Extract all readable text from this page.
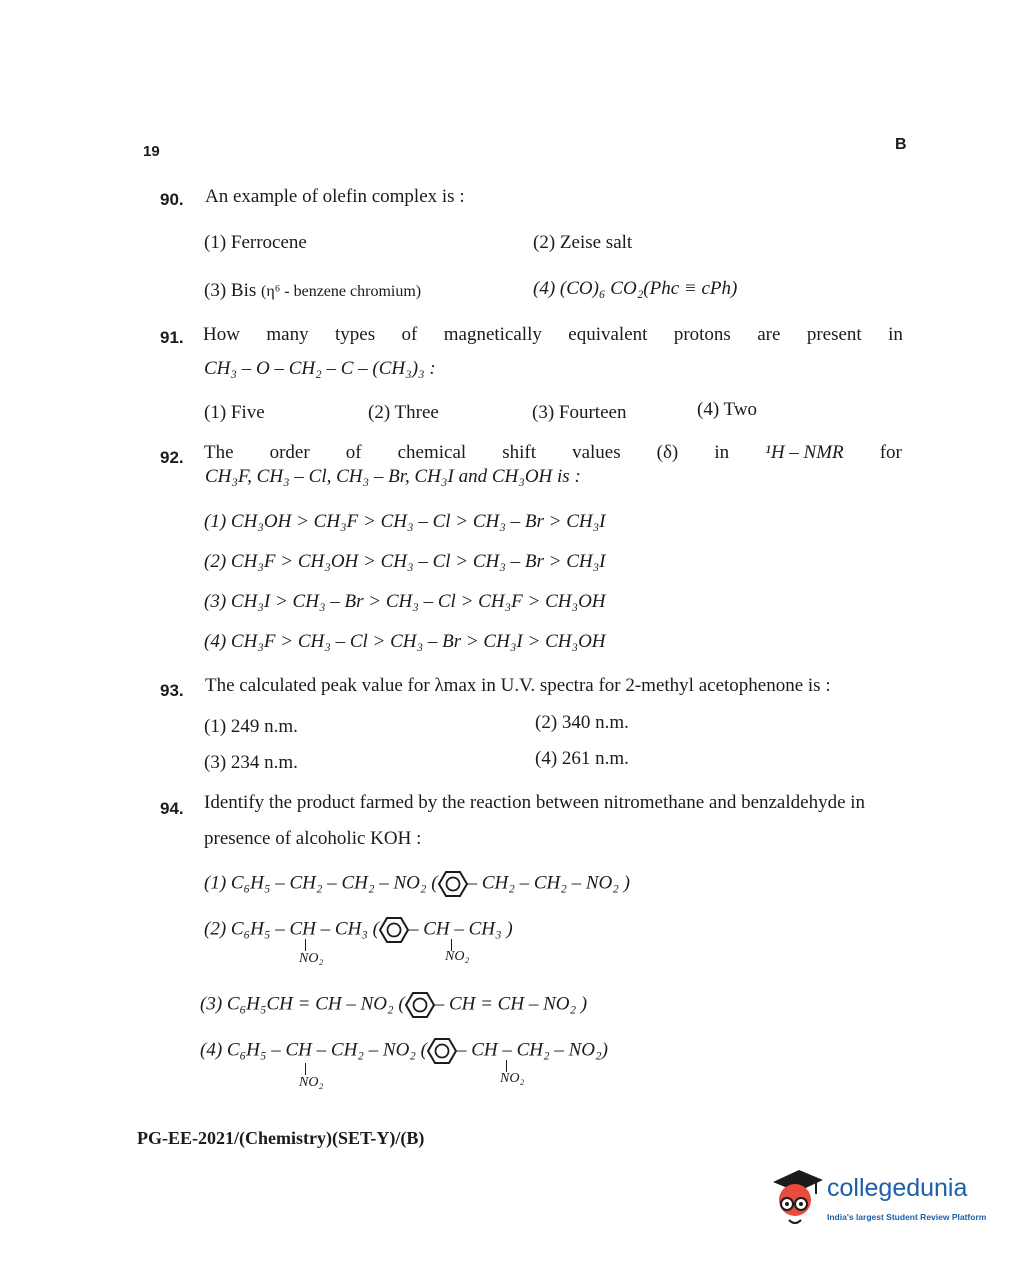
19	B
90. An example of olefin complex is :
(1) Ferrocene	(2) Zeise salt
(3) Bis (η⁶ - benzene chromium)	(4) (CO)₆ CO₂(Phc ≡ cPh)
91. How many types of magnetically equivalent protons are present in
CH₃ – O – CH₂ – C – (CH₃)₃ :
(1) Five	(2) Three	(3) Fourteen	(4) Two
92. The order of chemical shift values (δ) in ¹H – NMR for
CH₃F, CH₃ – Cl, CH₃ – Br, CH₃I and CH₃OH is :
(1) CH₃OH > CH₃F > CH₃ – Cl > CH₃ – Br > CH₃I
(2) CH₃F > CH₃OH > CH₃ – Cl > CH₃ – Br > CH₃I
(3) CH₃I > CH₃ – Br > CH₃ – Cl > CH₃F > CH₃OH
(4) CH₃F > CH₃ – Cl > CH₃ – Br > CH₃I > CH₃OH
93. The calculated peak value for λmax in U.V. spectra for 2-methyl acetophenone is :
(1) 249 n.m.	(2) 340 n.m.
(3) 234 n.m.	(4) 261 n.m.
94. Identify the product farmed by the reaction between nitromethane and benzaldehyde in
presence of alcoholic KOH :
(1) C₆H₅ – CH₂ – CH₂ – NO₂ ( – CH₂ – CH₂ – NO₂ )
(2) C₆H₅ – CH – CH₃ ( – CH – CH₃ )
NO₂	NO₂
(3) C₆H₅CH = CH – NO₂ ( – CH = CH – NO₂ )
(4) C₆H₅ – CH – CH₂ – NO₂ ( – CH – CH₂ – NO₂)
NO₂	NO₂
PG-EE-2021/(Chemistry)(SET-Y)/(B)
collegedunia
India's largest Student Review Platform
